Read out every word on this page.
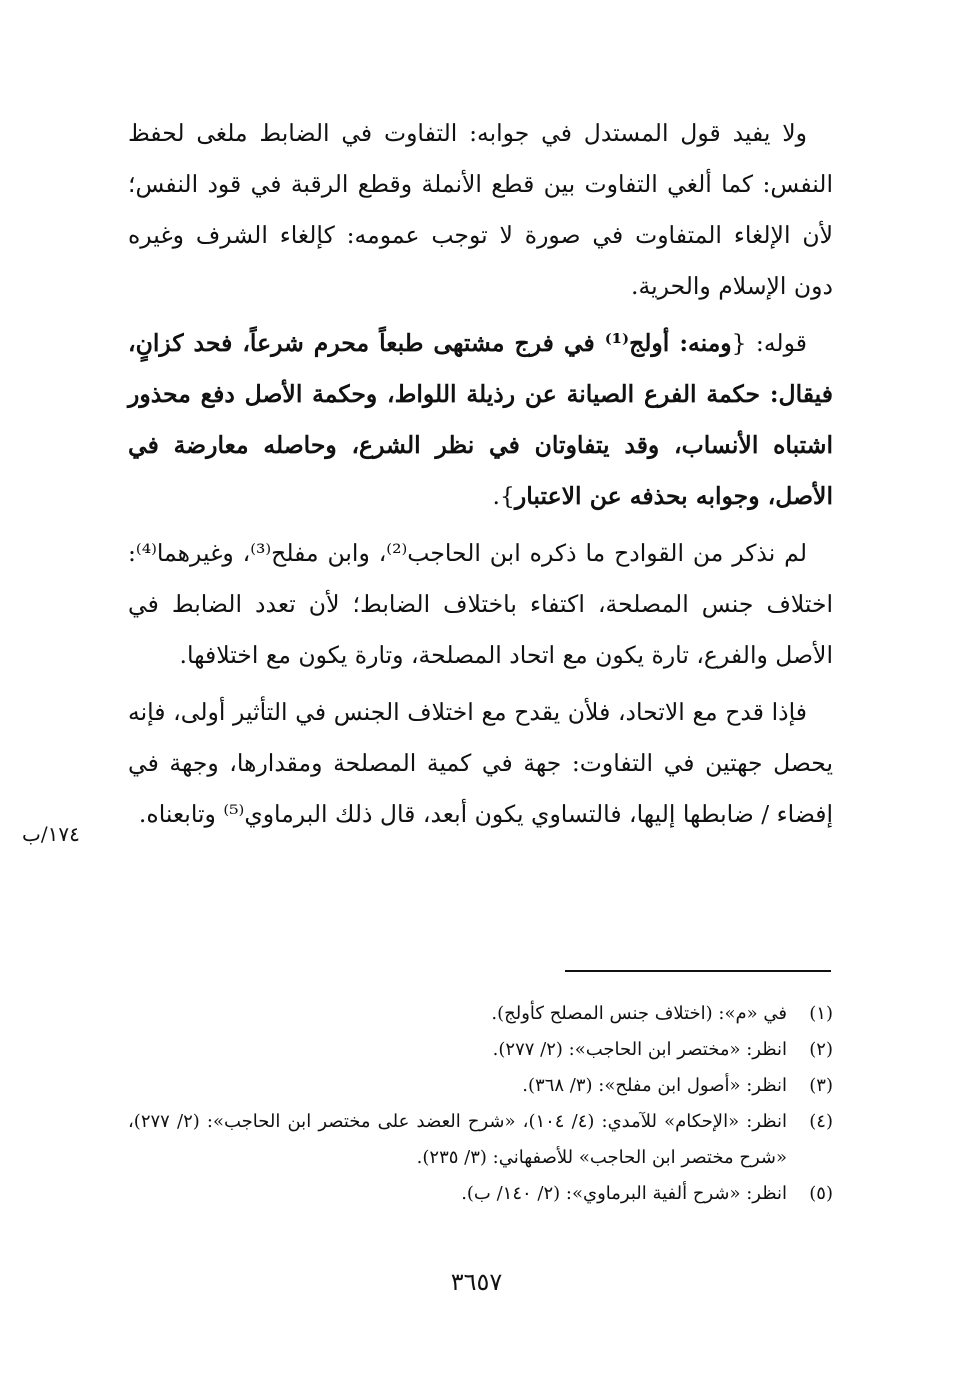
ولا يفيد قول المستدل في جوابه: التفاوت في الضابط ملغى لحفظ النفس: كما ألغي التفاوت بين قطع الأنملة وقطع الرقبة في قود النفس؛ لأن الإلغاء المتفاوت في صورة لا توجب عمومه: كإلغاء الشرف وغيره دون الإسلام والحرية.

قوله: {ومنه: أولج⁽¹⁾ في فرج مشتهى طبعاً محرم شرعاً، فحد كزانٍ، فيقال: حكمة الفرع الصيانة عن رذيلة اللواط، وحكمة الأصل دفع محذور اشتباه الأنساب، وقد يتفاوتان في نظر الشرع، وحاصله معارضة في الأصل، وجوابه بحذفه عن الاعتبار}.

لم نذكر من القوادح ما ذكره ابن الحاجب⁽²⁾، وابن مفلح⁽³⁾، وغيرهما⁽⁴⁾: اختلاف جنس المصلحة، اكتفاء باختلاف الضابط؛ لأن تعدد الضابط في الأصل والفرع، تارة يكون مع اتحاد المصلحة، وتارة يكون مع اختلافها.

فإذا قدح مع الاتحاد، فلأن يقدح مع اختلاف الجنس في التأثير أولى، فإنه يحصل جهتين في التفاوت: جهة في كمية المصلحة ومقدارها، وجهة في إفضاء / ضابطها إليها، فالتساوي يكون أبعد، قال ذلك البرماوي⁽⁵⁾ وتابعناه.

١٧٤/ب
(١)
في «م»: (اختلاف جنس المصلح كأولج).
(٢)
انظر: «مختصر ابن الحاجب»: (٢/ ٢٧٧).
(٣)
انظر: «أصول ابن مفلح»: (٣/ ٣٦٨).
(٤)
انظر: «الإحكام» للآمدي: (٤/ ١٠٤)، «شرح العضد على مختصر ابن الحاجب»: (٢/ ٢٧٧)، «شرح مختصر ابن الحاجب» للأصفهاني: (٣/ ٢٣٥).
(٥)
انظر: «شرح ألفية البرماوي»: (٢/ ١٤٠/ ب).
٣٦٥٧
